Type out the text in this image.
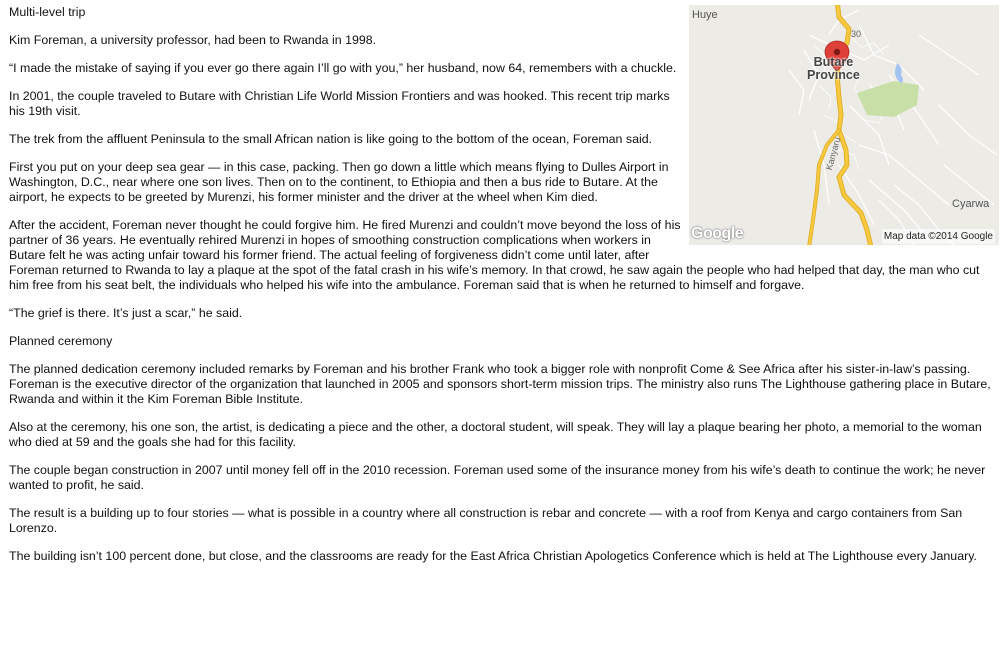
Huye
Butare
Province
Cyarwa
Kanyaru
30
Google	Map data ©2014 Google

Multi-level trip

Kim Foreman, a university professor, had been to Rwanda in 1998.

“I made the mistake of saying if you ever go there again I’ll go with you,” her husband, now 64, remembers with a chuckle.

In 2001, the couple traveled to Butare with Christian Life World Mission Frontiers and was hooked. This recent trip marks his 19th visit.

The trek from the affluent Peninsula to the small African nation is like going to the bottom of the ocean, Foreman said.

First you put on your deep sea gear — in this case, packing. Then go down a little which means flying to Dulles Airport in Washington, D.C., near where one son lives. Then on to the continent, to Ethiopia and then a bus ride to Butare. At the airport, he expects to be greeted by Murenzi, his former minister and the driver at the wheel when Kim died.

After the accident, Foreman never thought he could forgive him. He fired Murenzi and couldn’t move beyond the loss of his partner of 36 years. He eventually rehired Murenzi in hopes of smoothing construction complications when workers in Butare felt he was acting unfair toward his former friend. The actual feeling of forgiveness didn’t come until later, after Foreman returned to Rwanda to lay a plaque at the spot of the fatal crash in his wife’s memory. In that crowd, he saw again the people who had helped that day, the man who cut him free from his seat belt, the individuals who helped his wife into the ambulance. Foreman said that is when he returned to himself and forgave.

“The grief is there. It’s just a scar,” he said.

Planned ceremony

The planned dedication ceremony included remarks by Foreman and his brother Frank who took a bigger role with nonprofit Come & See Africa after his sister-in-law’s passing. Foreman is the executive director of the organization that launched in 2005 and sponsors short-term mission trips. The ministry also runs The Lighthouse gathering place in Butare, Rwanda and within it the Kim Foreman Bible Institute.

Also at the ceremony, his one son, the artist, is dedicating a piece and the other, a doctoral student, will speak. They will lay a plaque bearing her photo, a memorial to the woman who died at 59 and the goals she had for this facility.

The couple began construction in 2007 until money fell off in the 2010 recession. Foreman used some of the insurance money from his wife’s death to continue the work; he never wanted to profit, he said.

The result is a building up to four stories — what is possible in a country where all construction is rebar and concrete — with a roof from Kenya and cargo containers from San Lorenzo.

The building isn’t 100 percent done, but close, and the classrooms are ready for the East Africa Christian Apologetics Conference which is held at The Lighthouse every January.
